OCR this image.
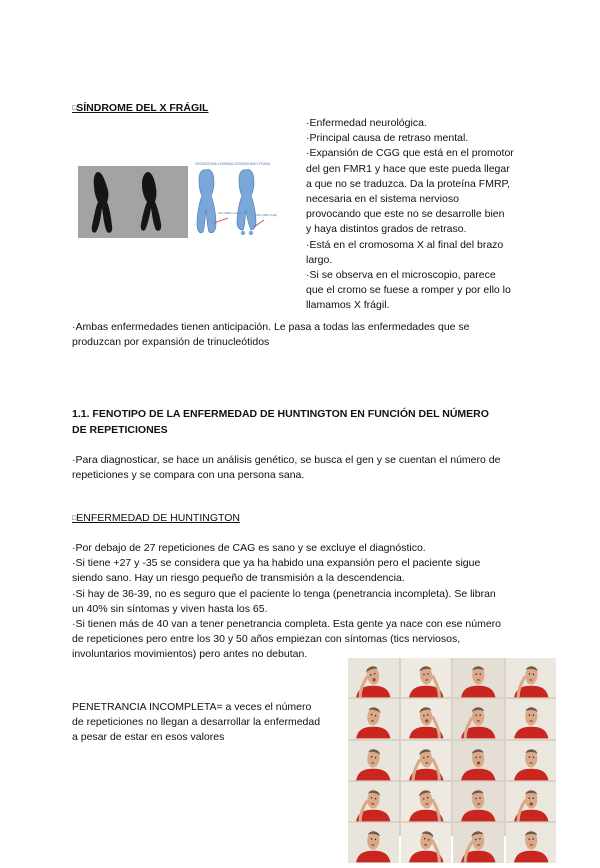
□SÍNDROME DEL X FRÁGIL
CROMOSOMA X NORMAL CROMOSOMA X FRÁGIL
Sitio FMR1 normal	Sitio FMR1 frágil
·Enfermedad neurológica.
·Principal causa de retraso mental.
·Expansión de CGG que está en el promotor
del gen FMR1 y hace que este pueda llegar
a que no se traduzca. Da la proteína FMRP,
necesaria en el sistema nervioso
provocando que este no se desarrolle bien
y haya distintos grados de retraso.
·Está en el cromosoma X al final del brazo
largo.
·Si se observa en el microscopio, parece
que el cromo se fuese a romper y por ello lo
llamamos X frágil.
·Ambas enfermedades tienen anticipación. Le pasa a todas las enfermedades que se
produzcan por expansión de trinucleótidos
1.1. FENOTIPO DE LA ENFERMEDAD DE HUNTINGTON EN FUNCIÓN DEL NÚMERO
DE REPETICIONES
·Para diagnosticar, se hace un análisis genético, se busca el gen y se cuentan el número de
repeticiones y se compara con una persona sana.
□ENFERMEDAD DE HUNTINGTON
·Por debajo de 27 repeticiones de CAG es sano y se excluye el diagnóstico.
·Si tiene +27 y -35 se considera que ya ha habido una expansión pero el paciente sigue
siendo sano. Hay un riesgo pequeño de transmisión a la descendencia.
·Si hay de 36-39, no es seguro que el paciente lo tenga (penetrancia incompleta). Se libran
un 40% sin síntomas y viven hasta los 65.
·Si tienen más de 40 van a tener penetrancia completa. Esta gente ya nace con ese número
de repeticiones pero entre los 30 y 50 años empiezan con síntomas (tics nerviosos,
involuntarios movimientos) pero antes no debutan.
PENETRANCIA INCOMPLETA= a veces el número
de repeticiones no llegan a desarrollar la enfermedad
a pesar de estar en esos valores
